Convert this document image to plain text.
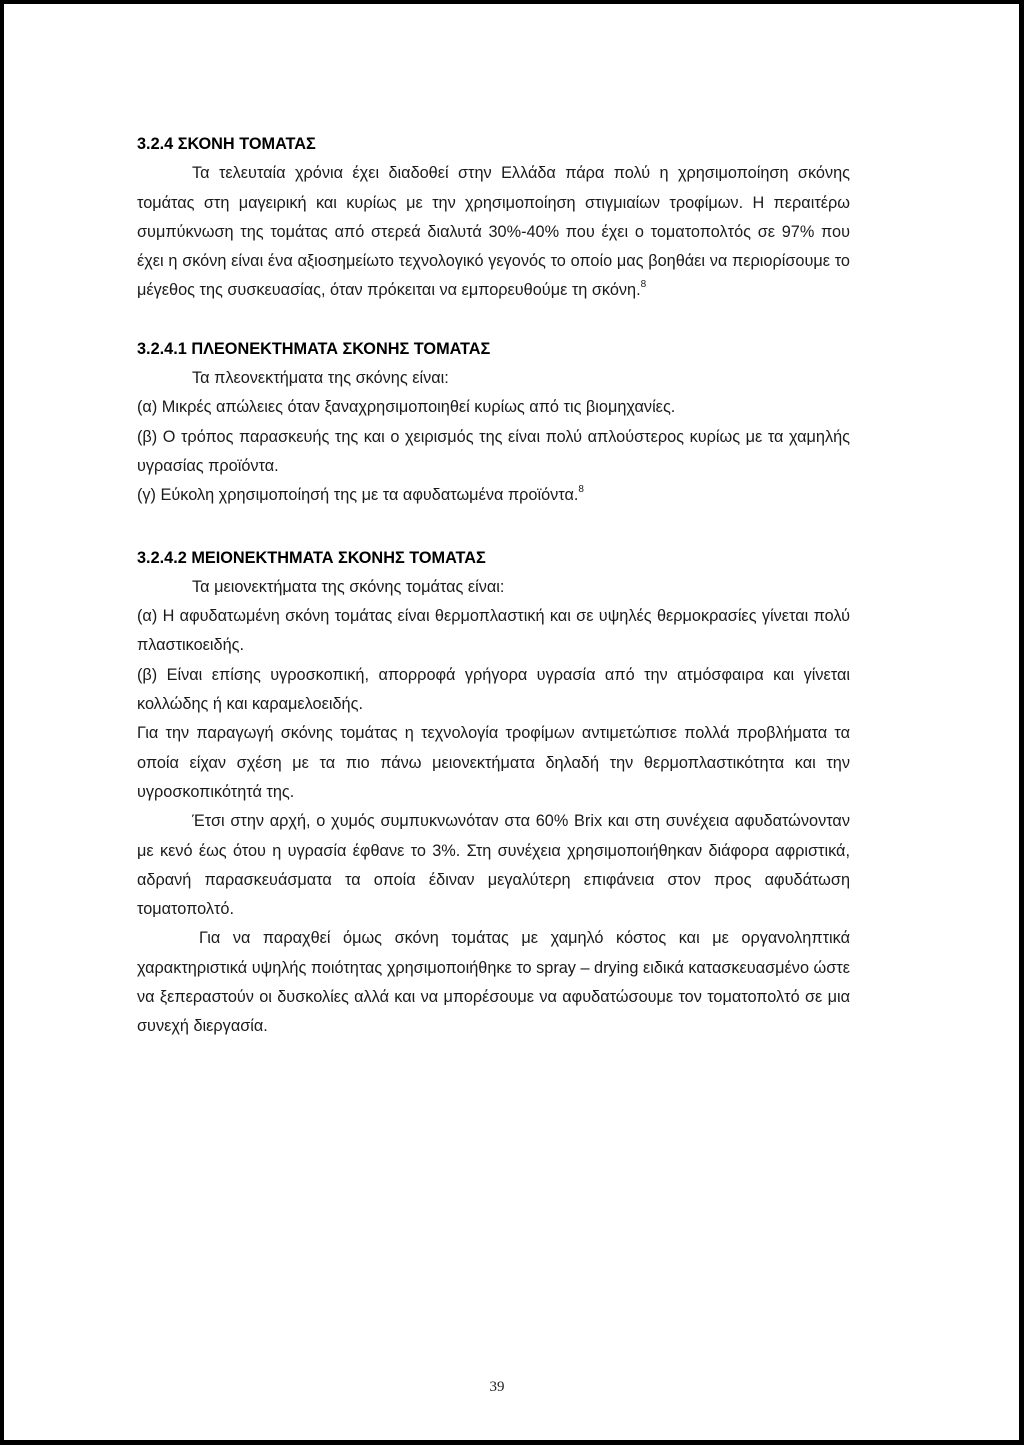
3.2.4 ΣΚΟΝΗ ΤΟΜΑΤΑΣ

Τα τελευταία χρόνια έχει διαδοθεί στην Ελλάδα πάρα πολύ η χρησιμοποίηση σκόνης τομάτας στη μαγειρική και κυρίως με την χρησιμοποίηση στιγμιαίων τροφίμων. Η περαιτέρω συμπύκνωση της τομάτας από στερεά διαλυτά 30%-40% που έχει ο τοματοπολτός σε 97% που έχει η σκόνη είναι ένα αξιοσημείωτο τεχνολογικό γεγονός το οποίο μας βοηθάει να περιορίσουμε το μέγεθος της συσκευασίας, όταν πρόκειται να εμπορευθούμε τη σκόνη.$^8$

3.2.4.1 ΠΛΕΟΝΕΚΤΗΜΑΤΑ ΣΚΟΝΗΣ ΤΟΜΑΤΑΣ

Τα πλεονεκτήματα της σκόνης είναι:

(α) Μικρές απώλειες όταν ξαναχρησιμοποιηθεί κυρίως από τις βιομηχανίες.

(β) Ο τρόπος παρασκευής της και ο χειρισμός της είναι πολύ απλούστερος κυρίως με τα χαμηλής υγρασίας προϊόντα.

(γ) Εύκολη χρησιμοποίησή της με τα αφυδατωμένα προϊόντα.$^8$

3.2.4.2 ΜΕΙΟΝΕΚΤΗΜΑΤΑ ΣΚΟΝΗΣ ΤΟΜΑΤΑΣ

Τα μειονεκτήματα της σκόνης τομάτας είναι:

(α) Η αφυδατωμένη σκόνη τομάτας είναι θερμοπλαστική και σε υψηλές θερμοκρασίες γίνεται πολύ πλαστικοειδής.

(β) Είναι επίσης υγροσκοπική, απορροφά γρήγορα υγρασία από την ατμόσφαιρα και γίνεται κολλώδης ή και καραμελοειδής.

Για την παραγωγή σκόνης τομάτας η τεχνολογία τροφίμων αντιμετώπισε πολλά προβλήματα τα οποία είχαν σχέση με τα πιο πάνω μειονεκτήματα δηλαδή την θερμοπλαστικότητα και την υγροσκοπικότητά της.

Έτσι στην αρχή, ο χυμός συμπυκνωνόταν στα 60% Brix και στη συνέχεια αφυδατώνονταν με κενό έως ότου η υγρασία έφθανε το 3%. Στη συνέχεια χρησιμοποιήθηκαν διάφορα αφριστικά, αδρανή παρασκευάσματα τα οποία έδιναν μεγαλύτερη επιφάνεια στον προς αφυδάτωση τοματοπολτό.

Για να παραχθεί όμως σκόνη τομάτας με χαμηλό κόστος και με οργανοληπτικά χαρακτηριστικά υψηλής ποιότητας χρησιμοποιήθηκε το spray – drying ειδικά κατασκευασμένο ώστε να ξεπεραστούν οι δυσκολίες αλλά και να μπορέσουμε να αφυδατώσουμε τον τοματοπολτό σε μια συνεχή διεργασία.

39
